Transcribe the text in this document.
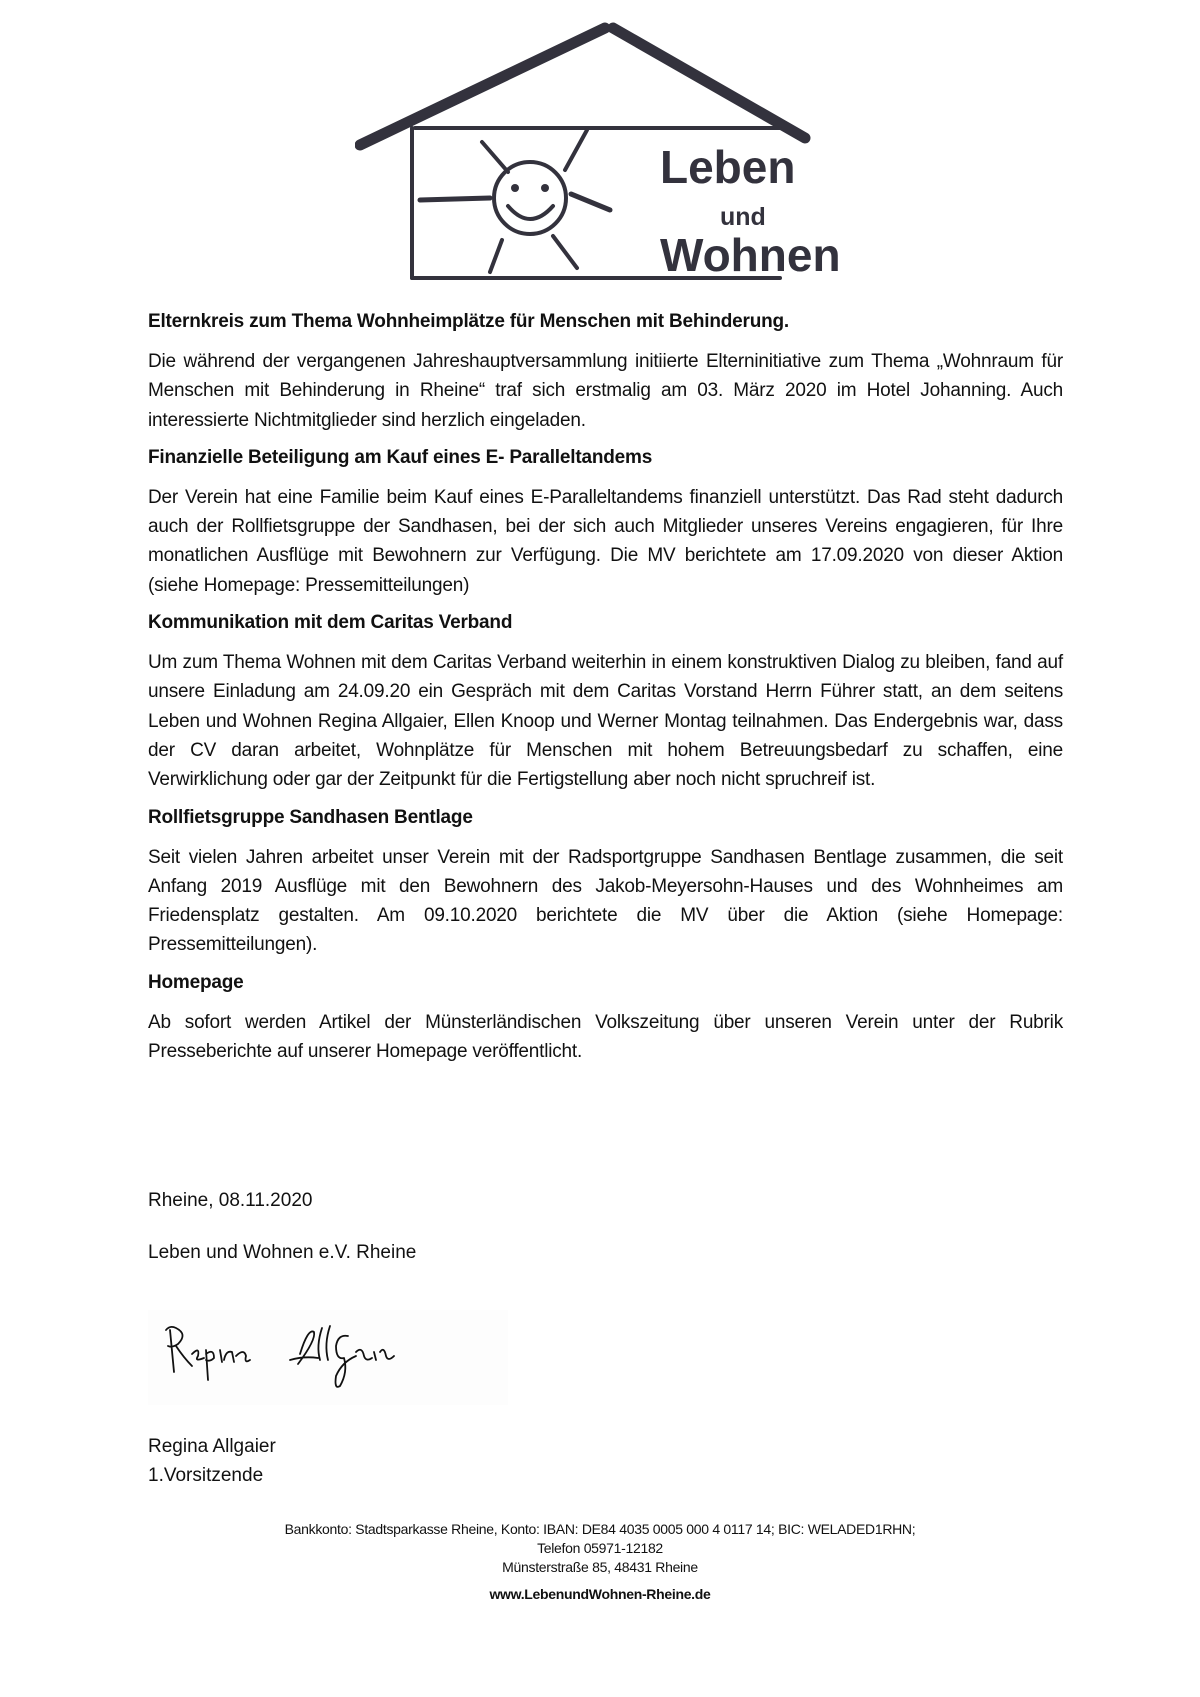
Leben
und
Wohnen
Elternkreis zum Thema Wohnheimplätze für Menschen mit Behinderung.

Die während der vergangenen Jahreshauptversammlung initiierte Elterninitiative zum Thema „Wohnraum für Menschen mit Behinderung in Rheine“ traf sich erstmalig am 03. März 2020 im Hotel Johanning. Auch interessierte Nichtmitglieder sind herzlich eingeladen.

Finanzielle Beteiligung am Kauf eines E- Paralleltandems

Der Verein hat eine Familie beim Kauf eines E-Paralleltandems finanziell unterstützt. Das Rad steht dadurch auch der Rollfietsgruppe der Sandhasen, bei der sich auch Mitglieder unseres Vereins engagieren, für Ihre monatlichen Ausflüge mit Bewohnern zur Verfügung. Die MV berichtete am 17.09.2020 von dieser Aktion (siehe Homepage: Pressemitteilungen)

Kommunikation mit dem Caritas Verband

Um zum Thema Wohnen mit dem Caritas Verband weiterhin in einem konstruktiven Dialog zu bleiben, fand auf unsere Einladung am 24.09.20 ein Gespräch mit dem Caritas Vorstand Herrn Führer statt, an dem seitens Leben und Wohnen Regina Allgaier, Ellen Knoop und Werner Montag teilnahmen. Das Endergebnis war, dass der CV daran arbeitet, Wohnplätze für Menschen mit hohem Betreuungsbedarf zu schaffen, eine Verwirklichung oder gar der Zeitpunkt für die Fertigstellung aber noch nicht spruchreif ist.

Rollfietsgruppe Sandhasen Bentlage

Seit vielen Jahren arbeitet unser Verein mit der Radsportgruppe Sandhasen Bentlage zusammen, die seit Anfang 2019 Ausflüge mit den Bewohnern des Jakob-Meyersohn-Hauses und des Wohnheimes am Friedensplatz gestalten. Am 09.10.2020 berichtete die MV über die Aktion (siehe Homepage: Pressemitteilungen).

Homepage

Ab sofort werden Artikel der Münsterländischen Volkszeitung über unseren Verein unter der Rubrik Presseberichte auf unserer Homepage veröffentlicht.

Rheine, 08.11.2020

Leben und Wohnen e.V. Rheine

Regina Allgaier

1.Vorsitzende

Bankkonto: Stadtsparkasse Rheine, Konto: IBAN: DE84 4035 0005 000 4 0117 14; BIC: WELADED1RHN;
Telefon 05971-12182
Münsterstraße 85, 48431 Rheine
www.LebenundWohnen-Rheine.de
